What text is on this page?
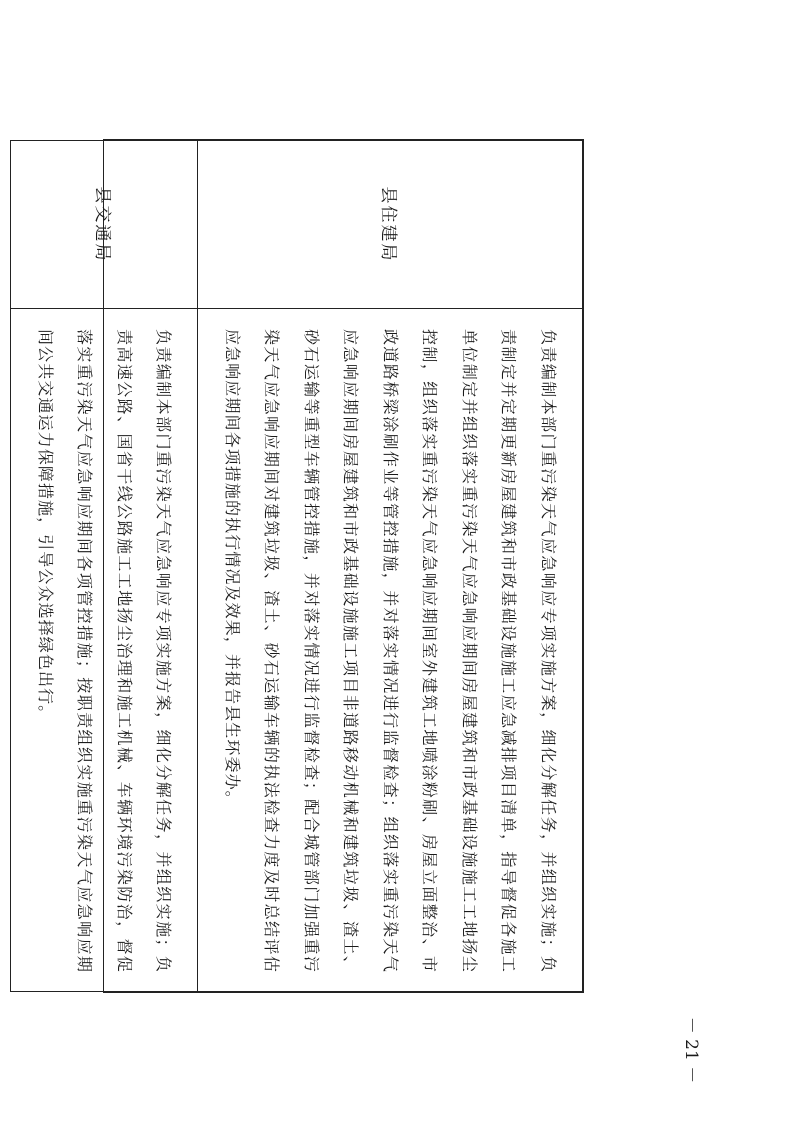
县住建局	负责编制本部门重污染天气应急响应专项实施方案，细化分解任务，并组织实施；负责制定并定期更新房屋建筑和市政基础设施施工应急减排项目清单，指导督促各施工单位制定并组织落实重污染天气应急响应期间房屋建筑和市政基础设施施工工地扬尘控制，组织落实重污染天气应急响应期间室外建筑工地喷涂粉刷、房屋立面整治、市政道路桥梁涂刷作业等管控措施，并对落实情况进行监督检查；组织落实重污染天气应急响应期间房屋建筑和市政基础设施施工项目非道路移动机械和建筑垃圾、渣土、砂石运输等重型车辆管控措施，并对落实情况进行监督检查；配合城管部门加强重污染天气应急响应期间对建筑垃圾、渣土、砂石运输车辆的执法检查力度及时总结评估应急响应期间各项措施的执行情况及效果，并报告县生环委办。
县交通局	负责编制本部门重污染天气应急响应专项实施方案，细化分解任务，并组织实施；负责高速公路、国省干线公路施工工地扬尘治理和施工机械、车辆环境污染防治，督促落实重污染天气应急响应期间各项管控措施；按职责组织实施重污染天气应急响应期间公共交通运力保障措施，引导公众选择绿色出行。
－ 21 －
